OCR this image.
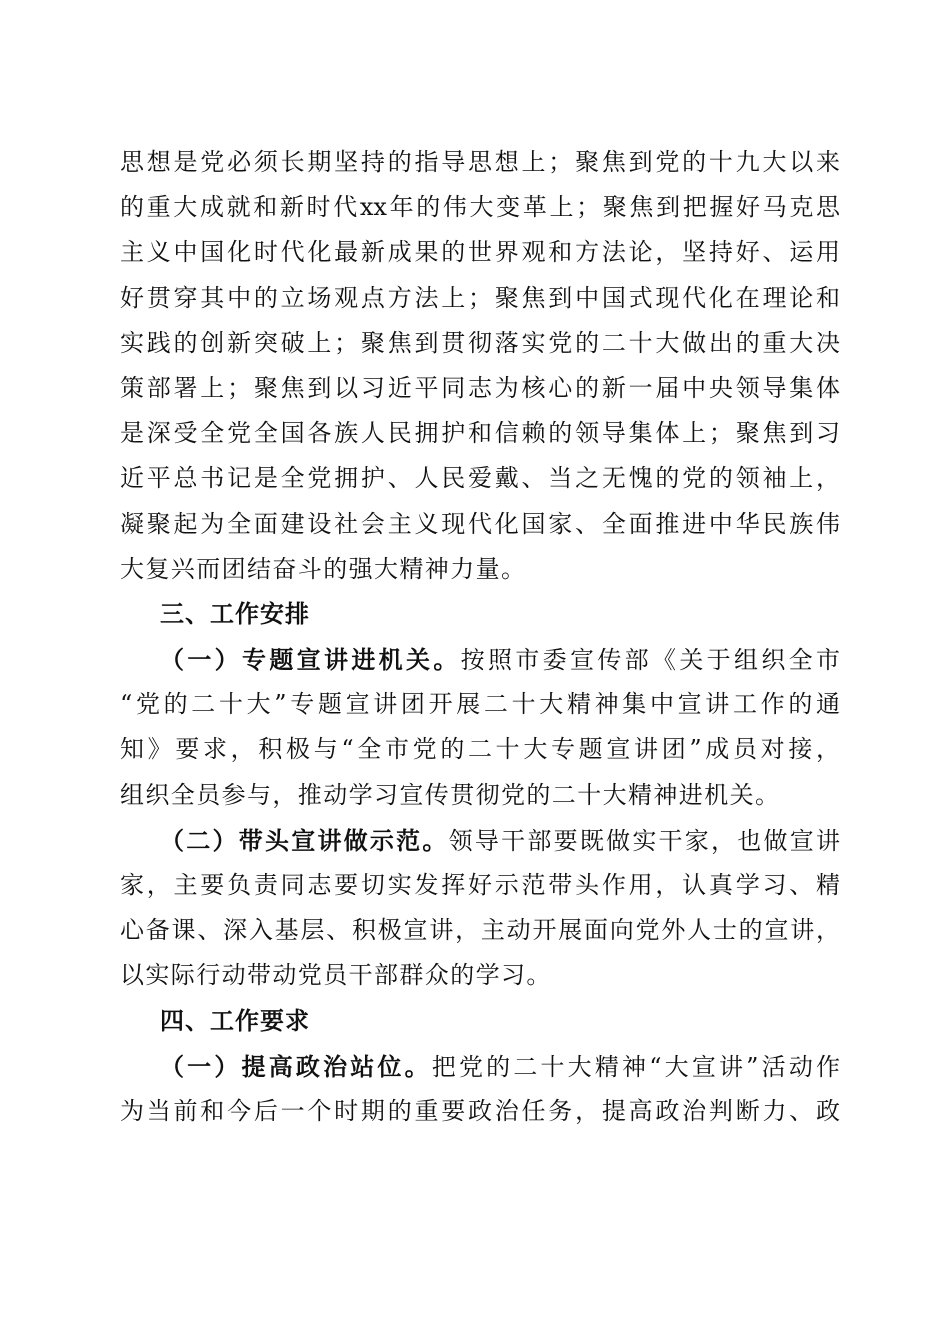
思想是党必须长期坚持的指导思想上；聚焦到党的十九大以来
的重大成就和新时代xx年的伟大变革上；聚焦到把握好马克思
主义中国化时代化最新成果的世界观和方法论，坚持好、运用
好贯穿其中的立场观点方法上；聚焦到中国式现代化在理论和
实践的创新突破上；聚焦到贯彻落实党的二十大做出的重大决
策部署上；聚焦到以习近平同志为核心的新一届中央领导集体
是深受全党全国各族人民拥护和信赖的领导集体上；聚焦到习
近平总书记是全党拥护、人民爱戴、当之无愧的党的领袖上，
凝聚起为全面建设社会主义现代化国家、全面推进中华民族伟
大复兴而团结奋斗的强大精神力量。
三、工作安排
（一）专题宣讲进机关。按照市委宣传部《关于组织全市
“党的二十大”专题宣讲团开展二十大精神集中宣讲工作的通
知》要求，积极与“全市党的二十大专题宣讲团”成员对接，
组织全员参与，推动学习宣传贯彻党的二十大精神进机关。
（二）带头宣讲做示范。领导干部要既做实干家，也做宣讲
家，主要负责同志要切实发挥好示范带头作用，认真学习、精
心备课、深入基层、积极宣讲，主动开展面向党外人士的宣讲，
以实际行动带动党员干部群众的学习。
四、工作要求
（一）提高政治站位。把党的二十大精神“大宣讲”活动作
为当前和今后一个时期的重要政治任务，提高政治判断力、政
